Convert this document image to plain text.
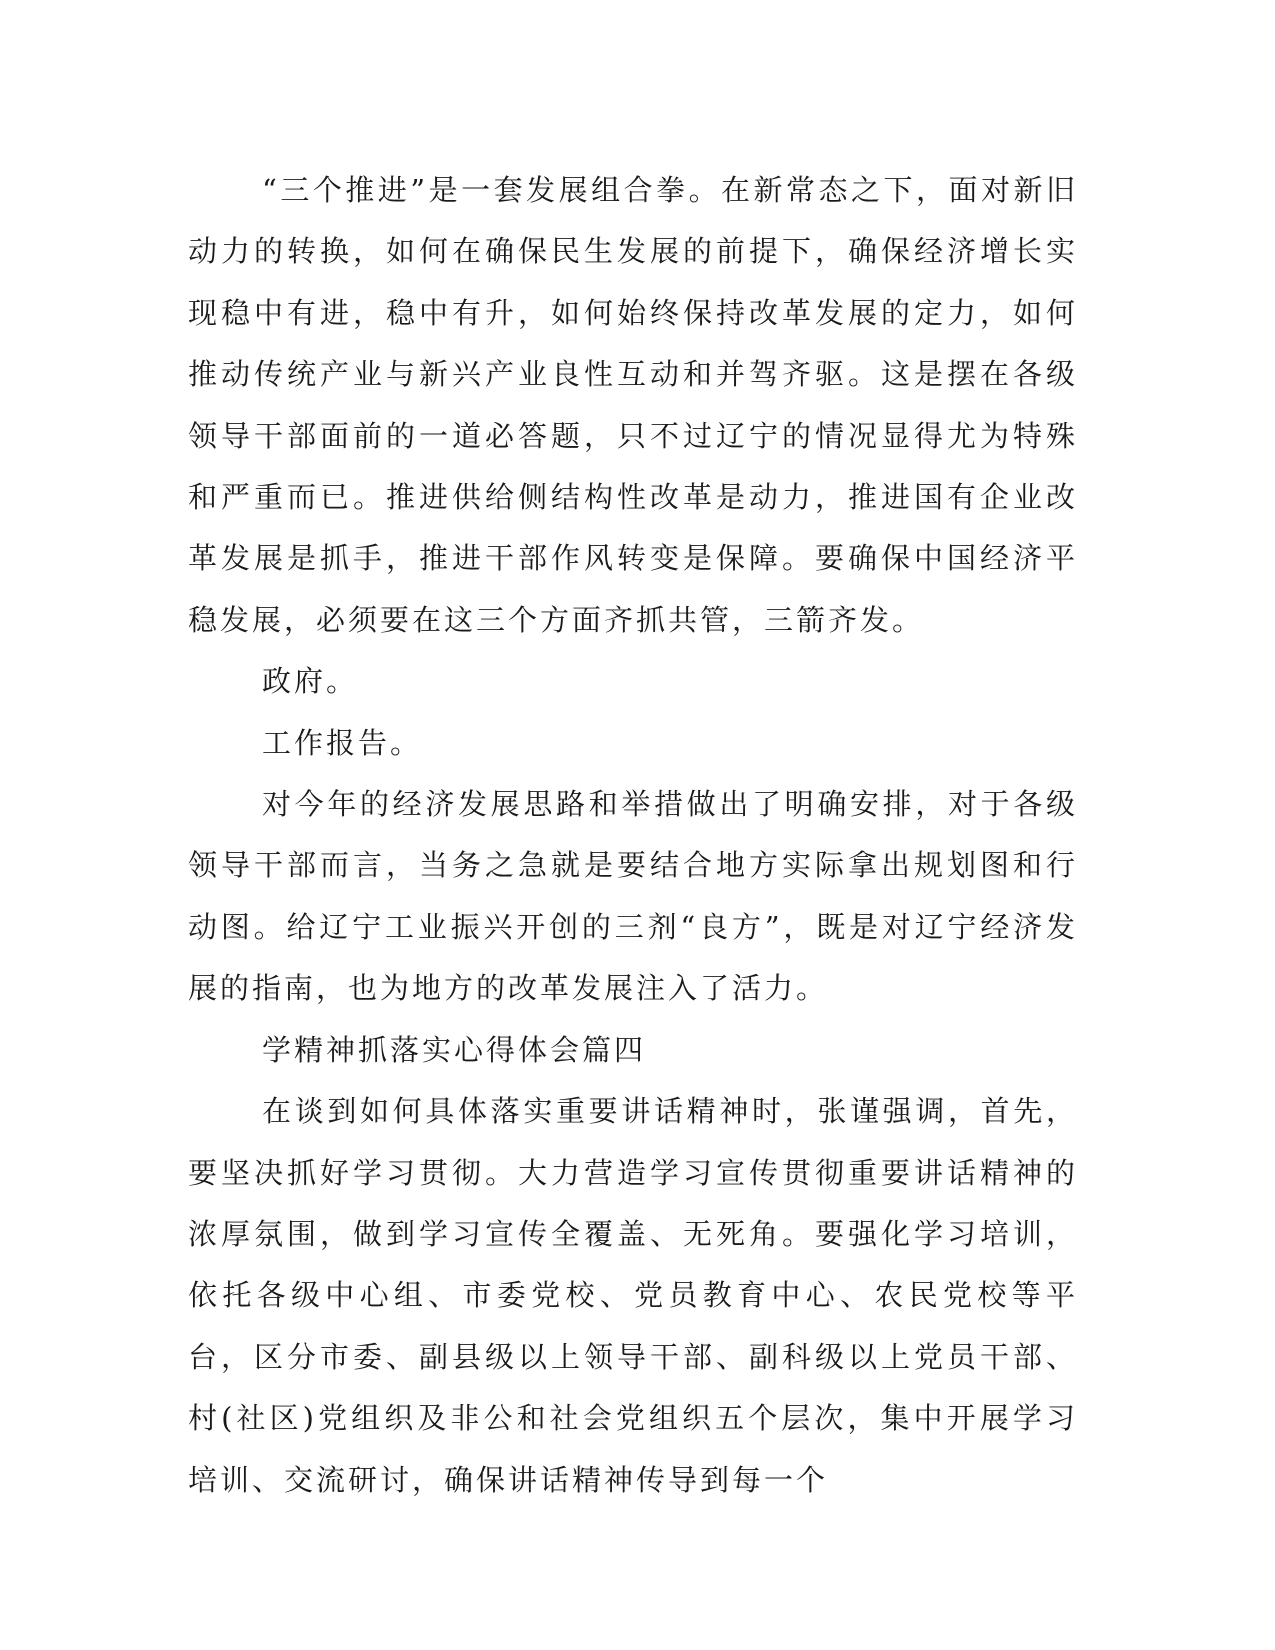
“三个推进”是一套发展组合拳。在新常态之下，面对新旧动力的转换，如何在确保民生发展的前提下，确保经济增长实现稳中有进，稳中有升，如何始终保持改革发展的定力，如何推动传统产业与新兴产业良性互动和并驾齐驱。这是摆在各级领导干部面前的一道必答题，只不过辽宁的情况显得尤为特殊和严重而已。推进供给侧结构性改革是动力，推进国有企业改革发展是抓手，推进干部作风转变是保障。要确保中国经济平稳发展，必须要在这三个方面齐抓共管，三箭齐发。

政府。

工作报告。

对今年的经济发展思路和举措做出了明确安排，对于各级领导干部而言，当务之急就是要结合地方实际拿出规划图和行动图。给辽宁工业振兴开创的三剂“良方”，既是对辽宁经济发展的指南，也为地方的改革发展注入了活力。

学精神抓落实心得体会篇四

在谈到如何具体落实重要讲话精神时，张谨强调，首先，要坚决抓好学习贯彻。大力营造学习宣传贯彻重要讲话精神的浓厚氛围，做到学习宣传全覆盖、无死角。要强化学习培训，依托各级中心组、市委党校、党员教育中心、农民党校等平台，区分市委、副县级以上领导干部、副科级以上党员干部、村(社区)党组织及非公和社会党组织五个层次，集中开展学习培训、交流研讨，确保讲话精神传导到每一个
